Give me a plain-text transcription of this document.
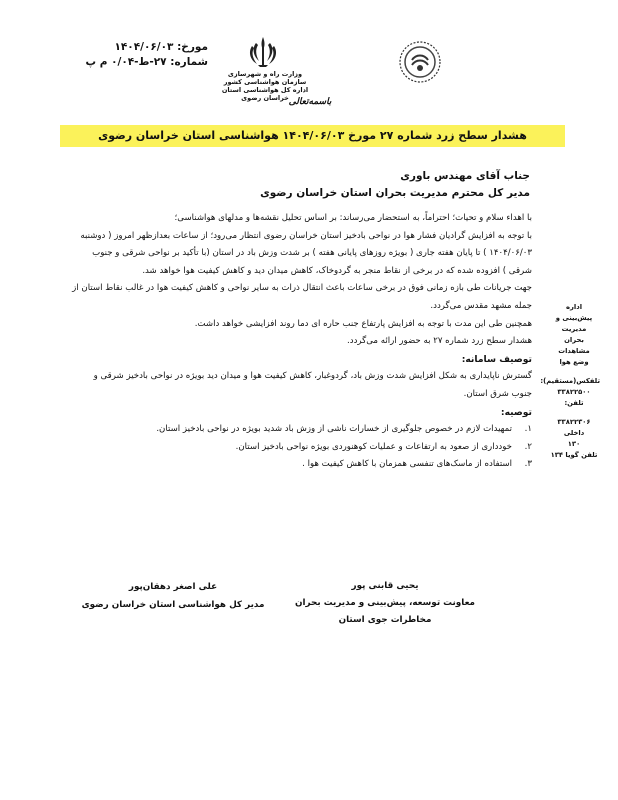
مورخ: ۱۴۰۴/۰۶/۰۳
شماره: ۲۷-ط-۰/۰۴ م پ
وزارت راه و شهرسازی
سازمان هواشناسی کشور
اداره کل هواشناسی استان خراسان رضوی باسمه‌تعالی
هشدار سطح زرد شماره ۲۷ مورخ ۱۴۰۴/۰۶/۰۳ هواشناسی استان خراسان رضوی
جناب آقای مهندس باوری
مدیر کل محترم مدیریت بحران استان خراسان رضوی

با اهداء سلام و تحیات؛ احتراماً، به استحضار می‌رساند: بر اساس تحلیل نقشه‌ها و مدلهای هواشناسی؛

با توجه به افزایش گرادیان فشار هوا در نواحی بادخیز استان خراسان رضوی انتظار می‌رود؛ از ساعات بعدازظهر امروز ( دوشنبه ۱۴۰۴/۰۶/۰۳ ) تا پایان هفته جاری ( بویژه روزهای پایانی هفته ) بر شدت وزش باد در استان (با تأکید بر نواحی شرقی و جنوب شرقی ) افزوده شده که در برخی از نقاط منجر به گردوخاک، کاهش میدان دید و کاهش کیفیت هوا خواهد شد.

جهت جریانات طی بازه زمانی فوق در برخی ساعات باعث انتقال ذرات به سایر نواحی و کاهش کیفیت هوا در غالب نقاط استان از جمله مشهد مقدس می‌گردد.

همچنین طی این مدت با توجه به افزایش پارتفاع جنب حاره ای دما روند افزایشی خواهد داشت.

هشدار سطح زرد شماره ۲۷ به حضور ارائه می‌گردد.

توصیف سامانه:

گسترش ناپایداری به شکل افزایش شدت وزش باد، گردوغبار، کاهش کیفیت هوا و میدان دید بویژه در نواحی بادخیز شرقی و جنوب شرق استان.

توصیه:

۱.
تمهیدات لازم در خصوص جلوگیری از خسارات ناشی از وزش باد شدید بویژه در نواحی بادخیز استان.
۲.
خودداری از صعود به ارتفاعات و عملیات کوهنوردی بویژه نواحی بادخیز استان.
۳.
استفاده از ماسک‌های تنفسی همزمان با کاهش کیفیت هوا .
اداره
پیش‌بینی و
مدیریت
بحران
مشاهدات
وضع هوا
تلفکس(مستقیم):
۳۳۸۲۲۵۰۰
تلفن:
۳۳۸۲۲۳۰۶
داخلی
۱۳۰
تلفن گویا ۱۳۴
علی اصغر دهقان‌پور
مدیر کل هواشناسی استان خراسان رضوی
یحیی قابنی پور
معاونت توسعه، پیش‌بینی و مدیریت بحران
مخاطرات جوی استان
